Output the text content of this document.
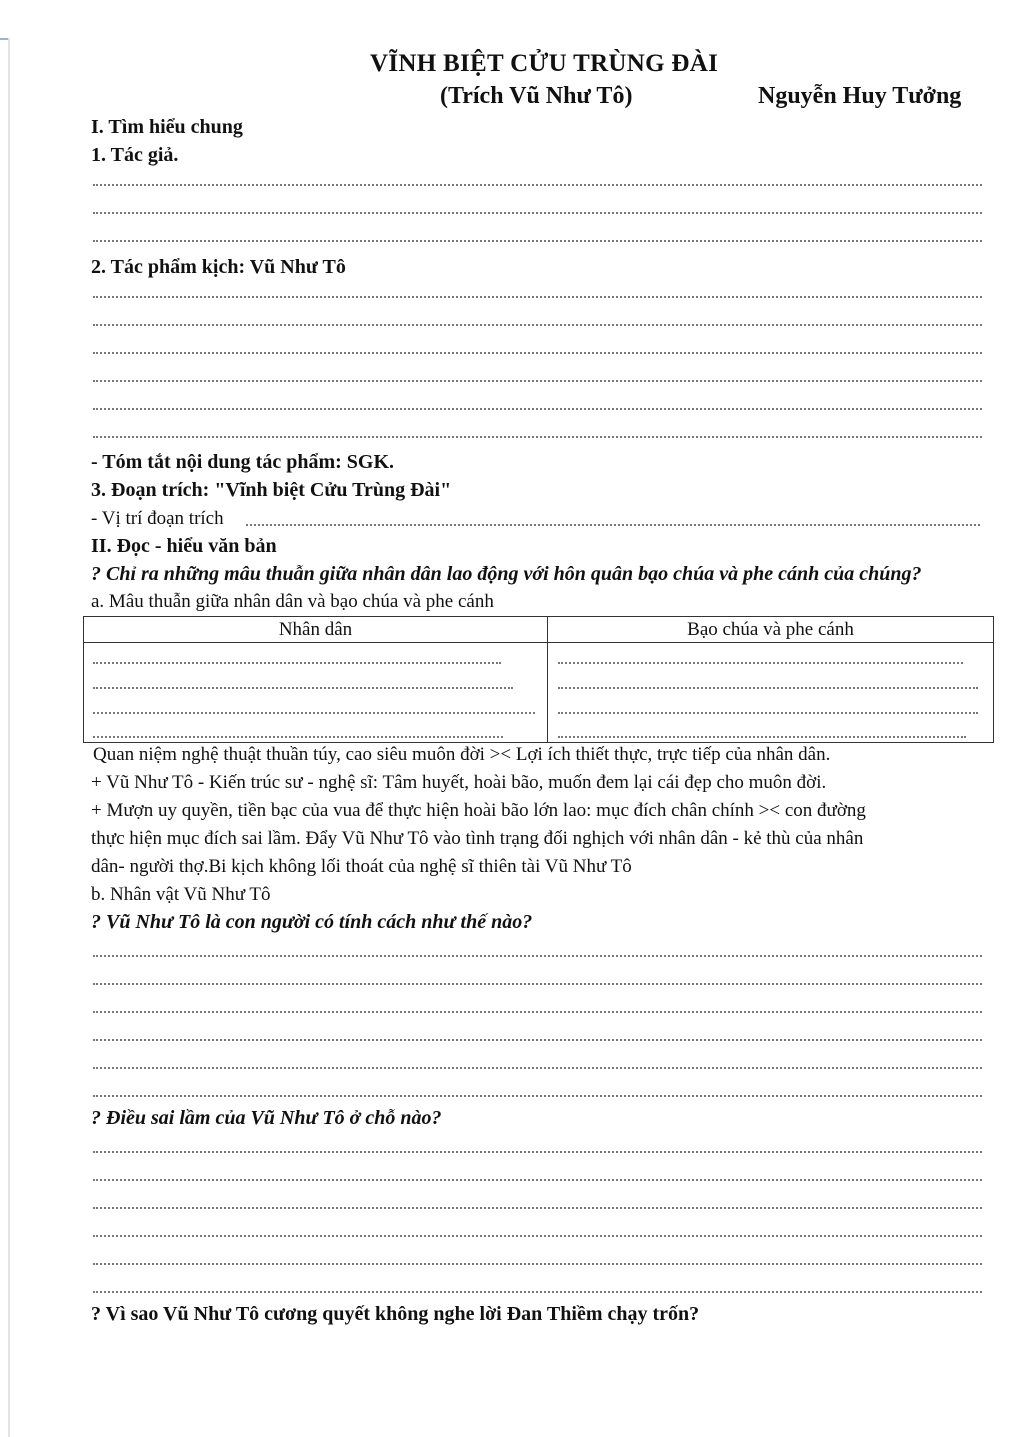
VĨNH BIỆT CỬU TRÙNG ĐÀI
(Trích Vũ Như Tô)	Nguyễn Huy Tưởng
I. Tìm hiểu chung
1. Tác giả.
2. Tác phẩm kịch: Vũ Như Tô
- Tóm tắt nội dung tác phẩm: SGK.
3. Đoạn trích: "Vĩnh biệt Cửu Trùng Đài"
- Vị trí đoạn trích
II. Đọc - hiểu văn bản
? Chỉ ra những mâu thuẫn giữa nhân dân lao động với hôn quân bạo chúa và phe cánh của chúng?
a. Mâu thuẫn giữa nhân dân và bạo chúa và phe cánh
Nhân dân	Bạo chúa và phe cánh
Quan niệm nghệ thuật thuần túy, cao siêu muôn đời >< Lợi ích thiết thực, trực tiếp của nhân dân.
+ Vũ Như Tô - Kiến trúc sư - nghệ sĩ: Tâm huyết, hoài bão, muốn đem lại cái đẹp cho muôn đời.
+ Mượn uy quyền, tiền bạc của vua để thực hiện hoài bão lớn lao: mục đích chân chính >< con đường
thực hiện mục đích sai lầm. Đẩy Vũ Như Tô vào tình trạng đối nghịch với nhân dân - kẻ thù của nhân
dân- người thợ.Bi kịch không lối thoát của nghệ sĩ thiên tài Vũ Như Tô
b. Nhân vật Vũ Như Tô
? Vũ Như Tô là con người có tính cách như thế nào?
? Điều sai lầm của Vũ Như Tô ở chỗ nào?
? Vì sao Vũ Như Tô cương quyết không nghe lời Đan Thiềm chạy trốn?
